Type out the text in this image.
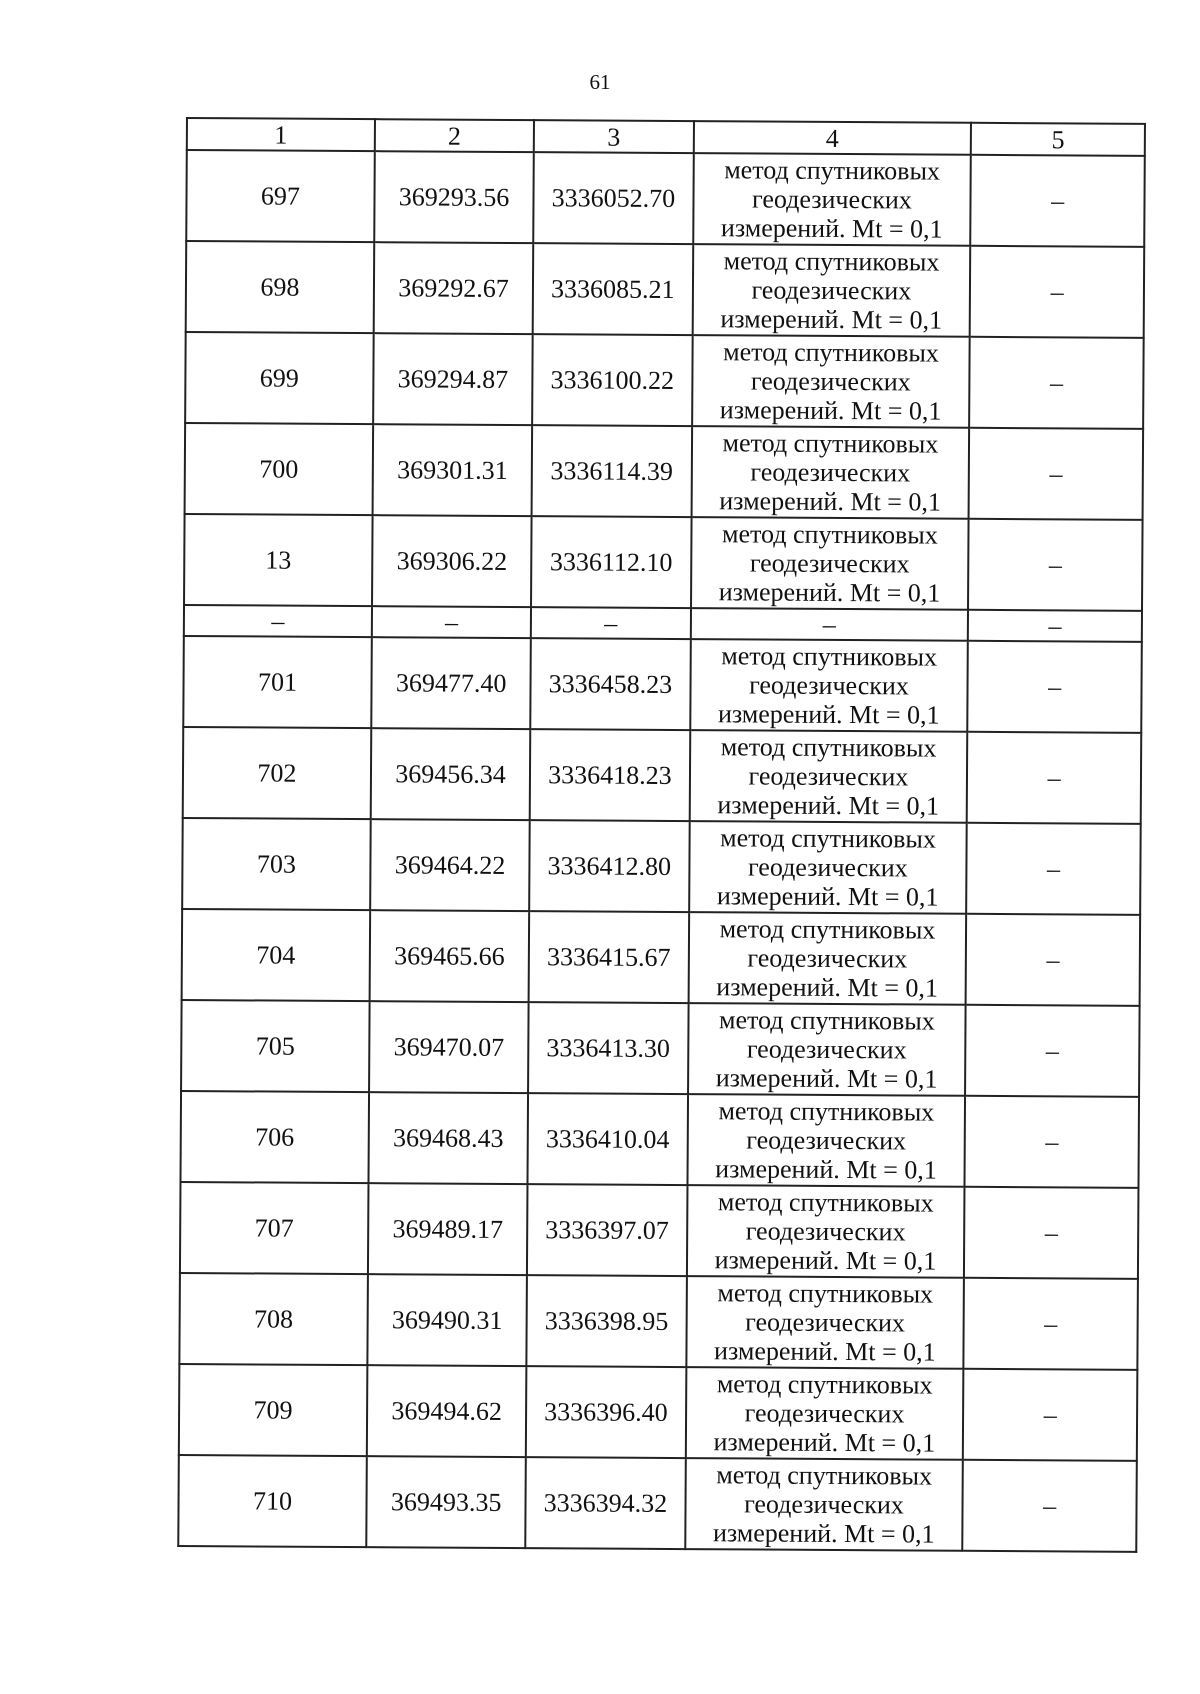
61
1	2	3	4	5
697	369293.56	3336052.70	метод спутниковых геодезических измерений. Mt = 0,1	–
698	369292.67	3336085.21	метод спутниковых геодезических измерений. Mt = 0,1	–
699	369294.87	3336100.22	метод спутниковых геодезических измерений. Mt = 0,1	–
700	369301.31	3336114.39	метод спутниковых геодезических измерений. Mt = 0,1	–
13	369306.22	3336112.10	метод спутниковых геодезических измерений. Mt = 0,1	–
–	–	–	–	–
701	369477.40	3336458.23	метод спутниковых геодезических измерений. Mt = 0,1	–
702	369456.34	3336418.23	метод спутниковых геодезических измерений. Mt = 0,1	–
703	369464.22	3336412.80	метод спутниковых геодезических измерений. Mt = 0,1	–
704	369465.66	3336415.67	метод спутниковых геодезических измерений. Mt = 0,1	–
705	369470.07	3336413.30	метод спутниковых геодезических измерений. Mt = 0,1	–
706	369468.43	3336410.04	метод спутниковых геодезических измерений. Mt = 0,1	–
707	369489.17	3336397.07	метод спутниковых геодезических измерений. Mt = 0,1	–
708	369490.31	3336398.95	метод спутниковых геодезических измерений. Mt = 0,1	–
709	369494.62	3336396.40	метод спутниковых геодезических измерений. Mt = 0,1	–
710	369493.35	3336394.32	метод спутниковых геодезических измерений. Mt = 0,1	–
